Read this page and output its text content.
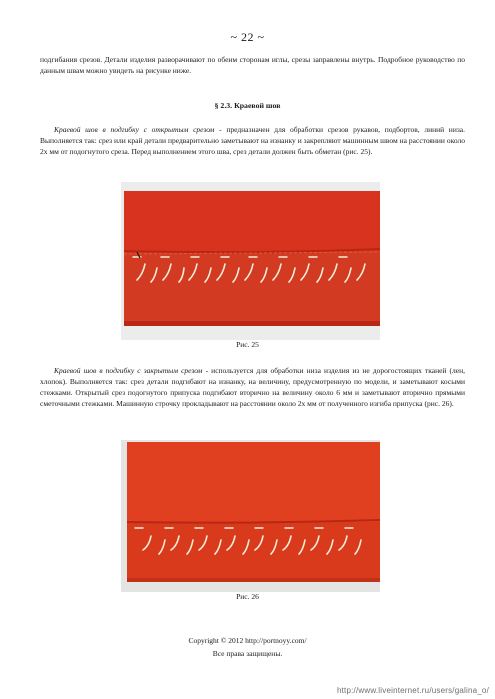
~ 22 ~

подгибания срезов. Детали изделия разворачивают по обеим сторонам иглы, срезы заправлены внутрь. Подробное руководство по данным швам можно увидеть на рисунке ниже.

§ 2.3. Краевой шов

Краевой шов в подгибку с открытым срезом - предназначен для обработки срезов рукавов, подбортов, линий низа. Выполняется так: срез или край детали предварительно заметывают на изнанку и закрепляют машинным швом на расстоянии около 2х мм от подогнутого среза. Перед выполнением этого шва, срез детали должен быть обметан (рис. 25).

Рис. 25

Краевой шов в подгибку с закрытым срезом - используется для обработки низа изделия из не дорогостоящих тканей (лен, хлопок). Выполняется так: срез детали подгибают на изнанку, на величину, предусмотренную по модели, и заметывают косыми стежками. Открытый срез подогнутого припуска подгибают вторично на величину около 6 мм и заметывают вторично прямыми сметочными стежками. Машинную строчку прокладывают на расстоянии около 2х мм от полученного изгиба припуска (рис. 26).

Рис. 26
Copyright © 2012 http://portnoyy.com/
Все права защищены.
http://www.liveinternet.ru/users/galina_o/
